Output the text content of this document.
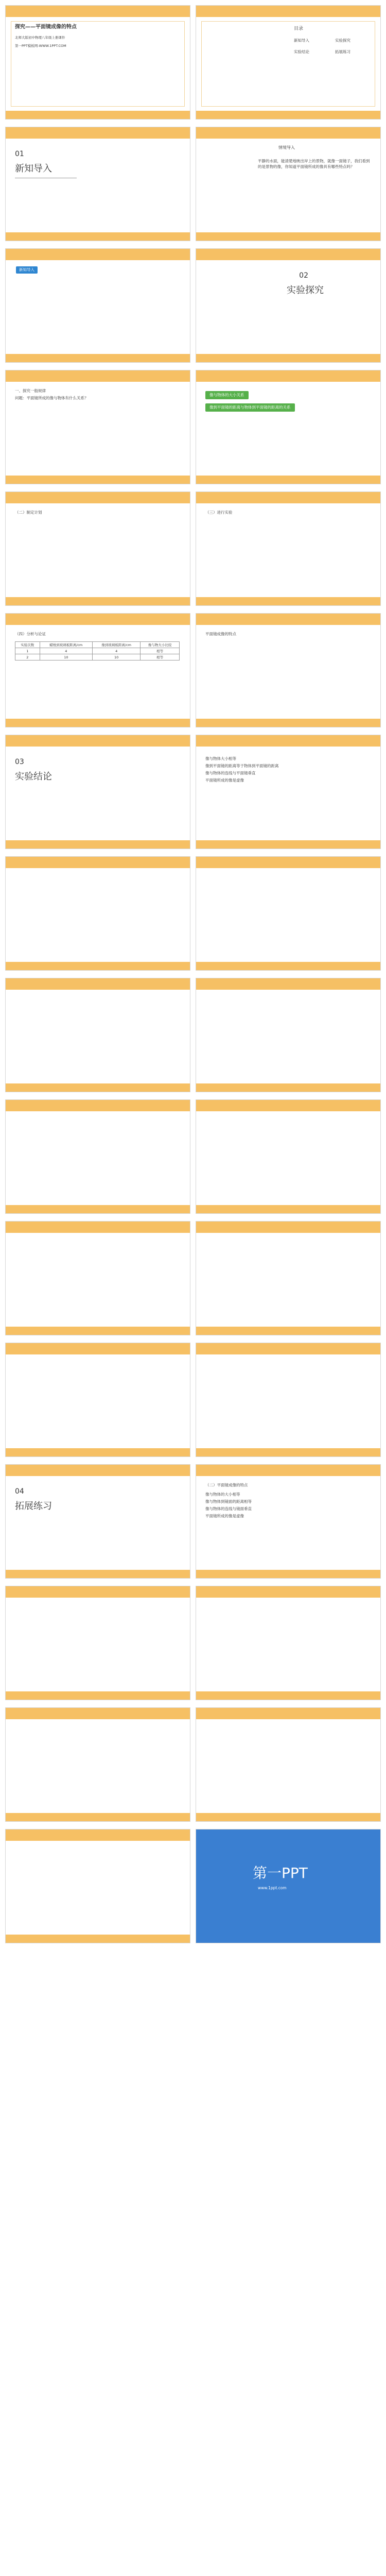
探究——平面镜成像的特点
北师大版初中物理八年级上册课件
第一PPT模板网-WWW.1PPT.COM
目录
新知导入	实验探究
实验结论	拓展练习
01
新知导入
情境导入
平静的水面，能清楚地映出岸上的景物，就像一面镜子，我们看到的是景物的像，你知道平面镜所成的像具有哪些特点吗？
新知导入
02
实验探究
一、探究一般规律
问题：平面镜所成的像与物体有什么关系？
像与物体的大小关系
像到平面镜的距离与物体到平面镜的距离的关系
（二）制定计划	（三）进行实验
（四）分析与论证
实验次数	蜡烛到玻璃板距离/cm	像到玻璃板距离/cm	像与物大小比较
1	4	4	相等
2	10	10	相等
平面镜成像的特点
03
实验结论
像与物体大小相等
像到平面镜的距离等于物体到平面镜的距离
像与物体的连线与平面镜垂直
平面镜所成的像是虚像
04
拓展练习
（二）平面镜成像的特点
像与物体的大小相等
像与物体到镜面的距离相等
像与物体的连线与镜面垂直
平面镜所成的像是虚像
第一PPT
www.1ppt.com
